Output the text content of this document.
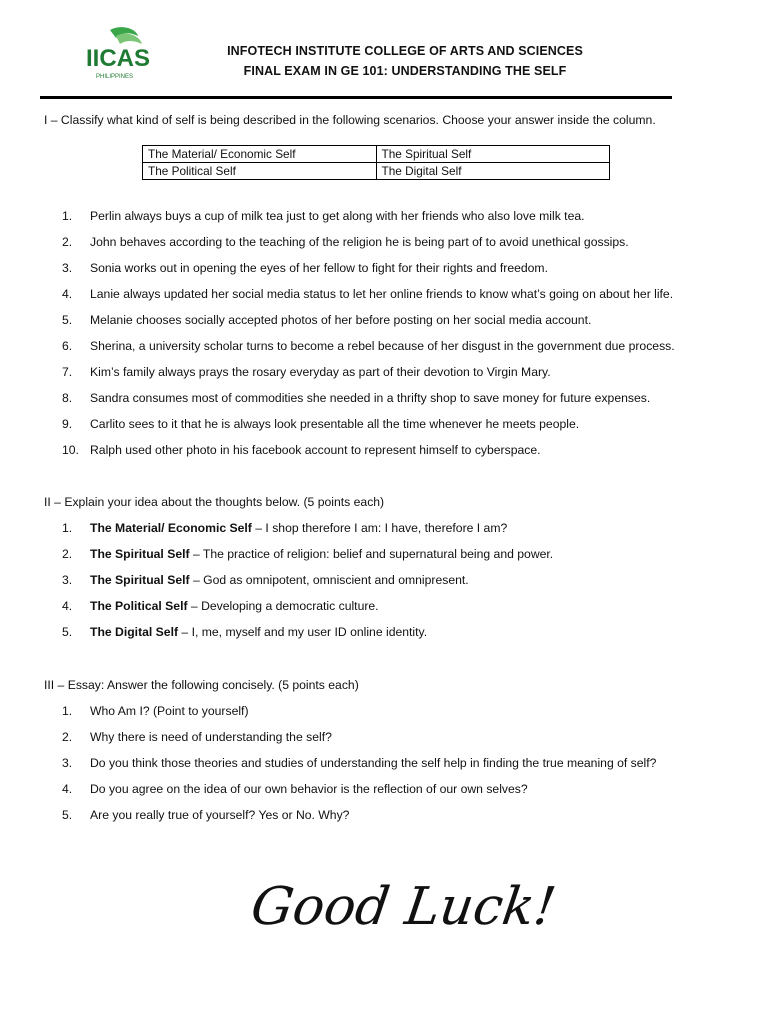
IICAS
PHILIPPINES
INFOTECH INSTITUTE COLLEGE OF ARTS AND SCIENCES
FINAL EXAM IN GE 101: UNDERSTANDING THE SELF
I – Classify what kind of self is being described in the following scenarios. Choose your answer inside the column.
The Material/ Economic Self	The Spiritual Self
The Political Self	The Digital Self
1. Perlin always buys a cup of milk tea just to get along with her friends who also love milk tea.
2. John behaves according to the teaching of the religion he is being part of to avoid unethical gossips.
3. Sonia works out in opening the eyes of her fellow to fight for their rights and freedom.
4. Lanie always updated her social media status to let her online friends to know what’s going on about her life.
5. Melanie chooses socially accepted photos of her before posting on her social media account.
6. Sherina, a university scholar turns to become a rebel because of her disgust in the government due process.
7. Kim’s family always prays the rosary everyday as part of their devotion to Virgin Mary.
8. Sandra consumes most of commodities she needed in a thrifty shop to save money for future expenses.
9. Carlito sees to it that he is always look presentable all the time whenever he meets people.
10. Ralph used other photo in his facebook account to represent himself to cyberspace.
II – Explain your idea about the thoughts below. (5 points each)
1. The Material/ Economic Self – I shop therefore I am: I have, therefore I am?
2. The Spiritual Self – The practice of religion: belief and supernatural being and power.
3. The Spiritual Self – God as omnipotent, omniscient and omnipresent.
4. The Political Self – Developing a democratic culture.
5. The Digital Self – I, me, myself and my user ID online identity.
III – Essay: Answer the following concisely. (5 points each)
1. Who Am I? (Point to yourself)
2. Why there is need of understanding the self?
3. Do you think those theories and studies of understanding the self help in finding the true meaning of self?
4. Do you agree on the idea of our own behavior is the reflection of our own selves?
5. Are you really true of yourself? Yes or No. Why?
Good Luck!
